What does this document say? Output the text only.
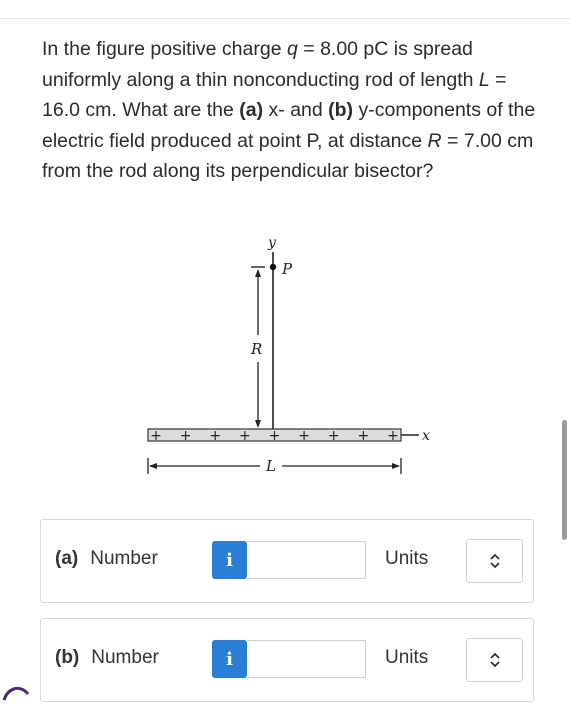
In the figure positive charge q = 8.00 pC is spread uniformly along a thin nonconducting rod of length L = 16.0 cm. What are the (a) x- and (b) y-components of the electric field produced at point P, at distance R = 7.00 cm from the rod along its perpendicular bisector?
y
P
R
+ + + + + + + + + x
L
(a) Number	i	Units
(b) Number	i	Units
